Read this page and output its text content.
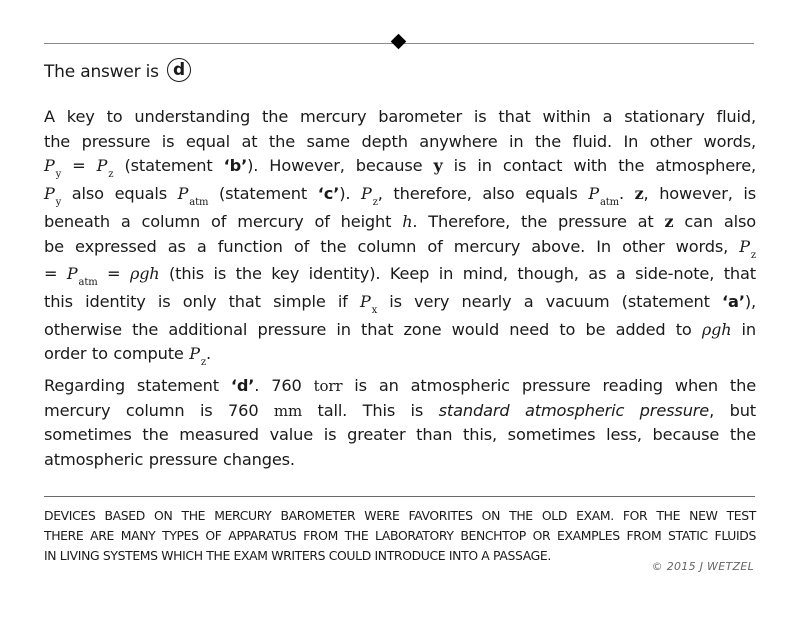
The answer is d
A key to understanding the mercury barometer is that within a stationary fluid,
the pressure is equal at the same depth anywhere in the fluid. In other words,
$P_y = P_z$ (statement ‘b’). However, because y is in contact with the atmosphere,
$P_y$ also equals $P_{atm}$ (statement ‘c’). $P_z$, therefore, also equals $P_{atm}$. z, however, is
beneath a column of mercury of height h. Therefore, the pressure at z can also
be expressed as a function of the column of mercury above. In other words, $P_z$
= $P_{atm} = \rho gh$ (this is the key identity). Keep in mind, though, as a side-note, that
this identity is only that simple if $P_x$ is very nearly a vacuum (statement ‘a’),
otherwise the additional pressure in that zone would need to be added to ρgh in
order to compute $P_z$.
Regarding statement ‘d’. 760 torr is an atmospheric pressure reading when the
mercury column is 760 mm tall. This is standard atmospheric pressure, but
sometimes the measured value is greater than this, sometimes less, because the
atmospheric pressure changes.
DEVICES BASED ON THE MERCURY BAROMETER WERE FAVORITES ON THE OLD EXAM. FOR THE NEW TEST
THERE ARE MANY TYPES OF APPARATUS FROM THE LABORATORY BENCHTOP OR EXAMPLES FROM STATIC FLUIDS
IN LIVING SYSTEMS WHICH THE EXAM WRITERS COULD INTRODUCE INTO A PASSAGE.
© 2015 J WETZEL
